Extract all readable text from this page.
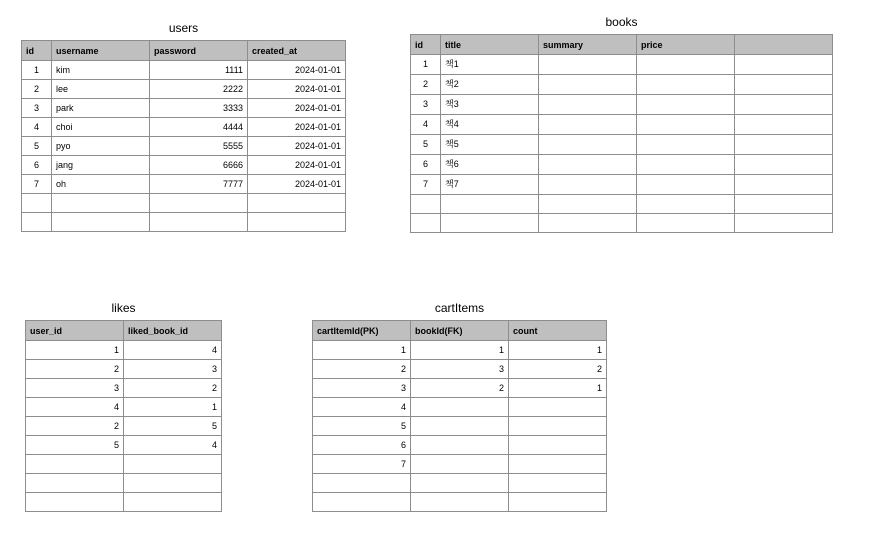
users
id	username	password	created_at
1	kim	1111	2024-01-01
2	lee	2222	2024-01-01
3	park	3333	2024-01-01
4	choi	4444	2024-01-01
5	pyo	5555	2024-01-01
6	jang	6666	2024-01-01
7	oh	7777	2024-01-01

books
id	title	summary	price	
1	책1			
2	책2			
3	책3			
4	책4			
5	책5			
6	책6			
7	책7			

likes
user_id	liked_book_id
1	4
2	3
3	2
4	1
2	5
5	4

cartItems
cartItemId(PK)	bookId(FK)	count
1	1	1
2	3	2
3	2	1
4		
5		
6		
7		
